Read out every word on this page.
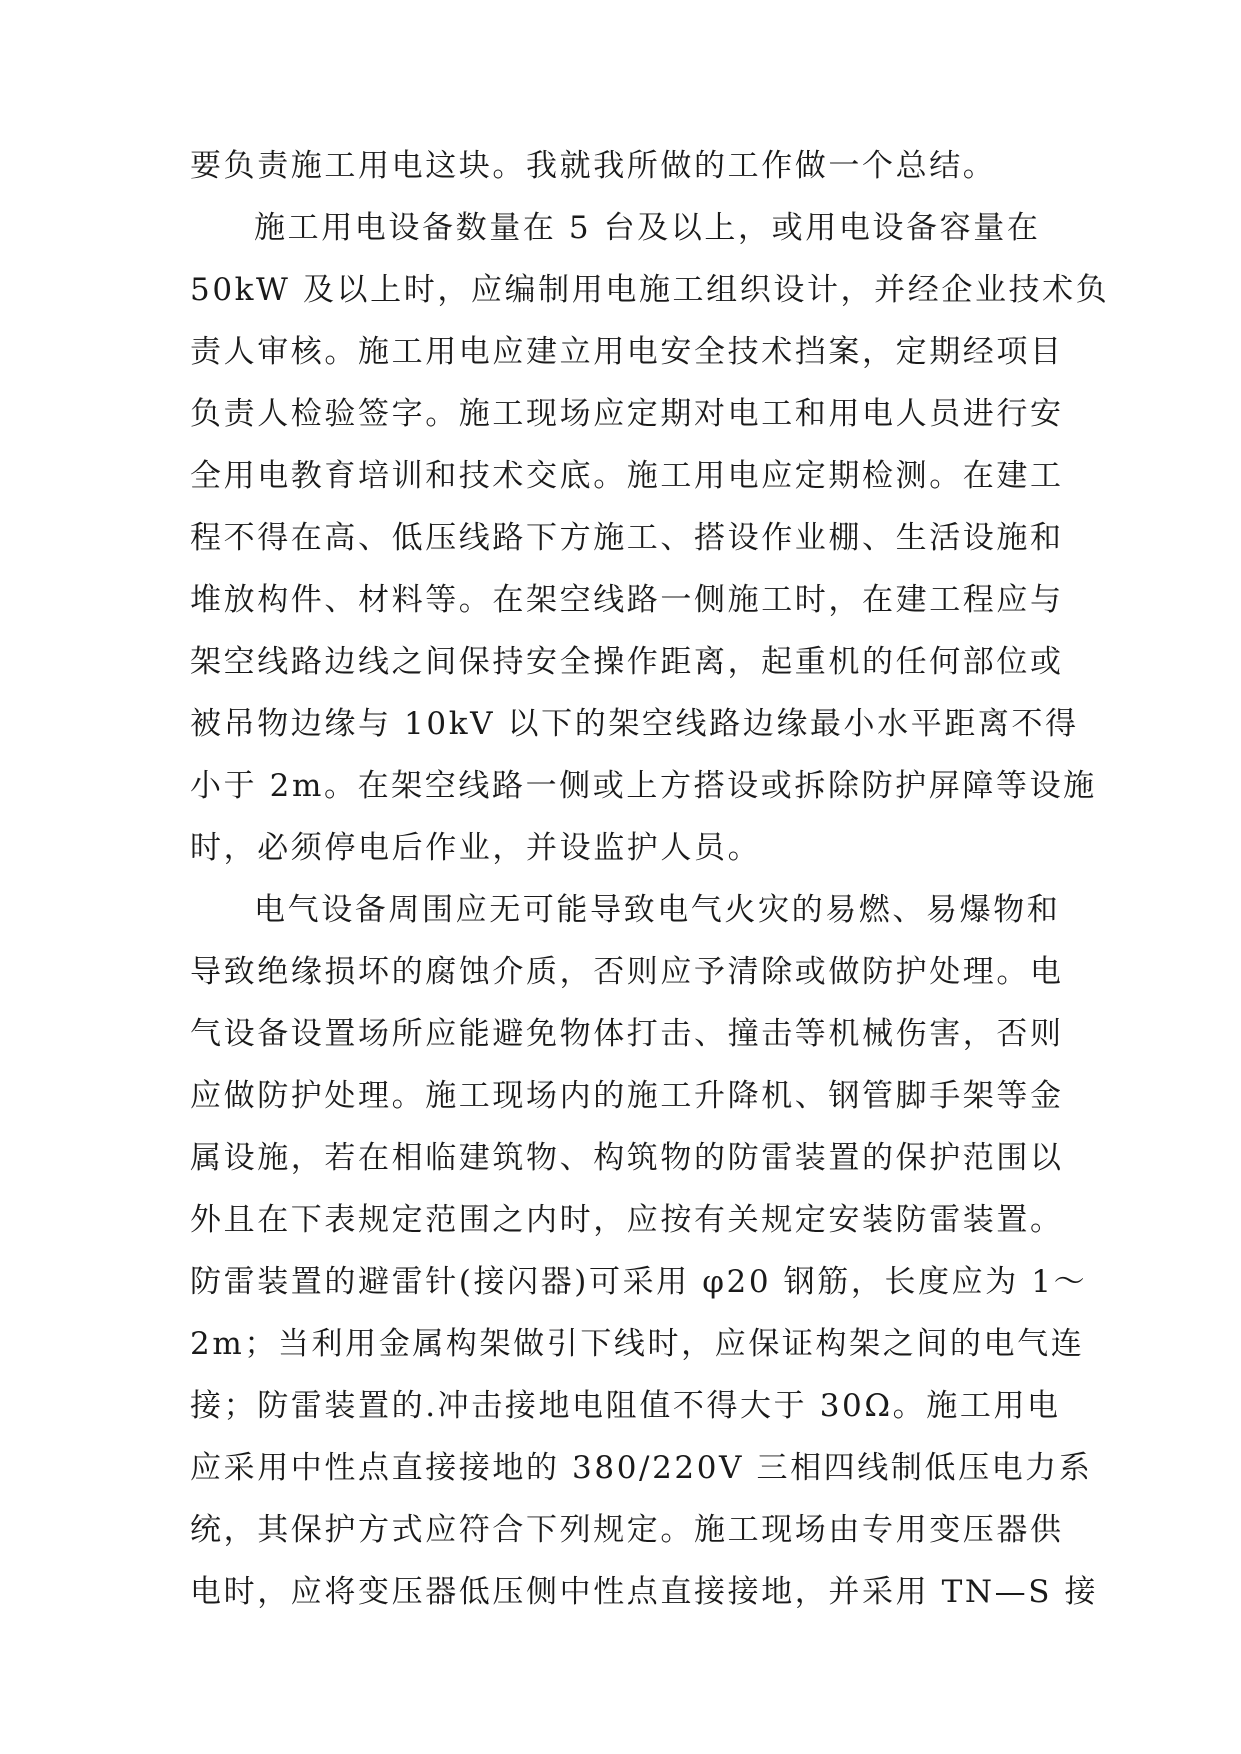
要负责施工用电这块。我就我所做的工作做一个总结。
施工用电设备数量在 5 台及以上，或用电设备容量在
50kW 及以上时，应编制用电施工组织设计，并经企业技术负
责人审核。施工用电应建立用电安全技术挡案，定期经项目
负责人检验签字。施工现场应定期对电工和用电人员进行安
全用电教育培训和技术交底。施工用电应定期检测。在建工
程不得在高、低压线路下方施工、搭设作业棚、生活设施和
堆放构件、材料等。在架空线路一侧施工时，在建工程应与
架空线路边线之间保持安全操作距离，起重机的任何部位或
被吊物边缘与 10kV 以下的架空线路边缘最小水平距离不得
小于 2m。在架空线路一侧或上方搭设或拆除防护屏障等设施
时，必须停电后作业，并设监护人员。
电气设备周围应无可能导致电气火灾的易燃、易爆物和
导致绝缘损坏的腐蚀介质，否则应予清除或做防护处理。电
气设备设置场所应能避免物体打击、撞击等机械伤害，否则
应做防护处理。施工现场内的施工升降机、钢管脚手架等金
属设施，若在相临建筑物、构筑物的防雷装置的保护范围以
外且在下表规定范围之内时，应按有关规定安装防雷装置。
防雷装置的避雷针(接闪器)可采用 φ20 钢筋，长度应为 1～
2m；当利用金属构架做引下线时，应保证构架之间的电气连
接；防雷装置的.冲击接地电阻值不得大于 30Ω。施工用电
应采用中性点直接接地的 380/220V 三相四线制低压电力系
统，其保护方式应符合下列规定。施工现场由专用变压器供
电时，应将变压器低压侧中性点直接接地，并采用 TN—S 接
